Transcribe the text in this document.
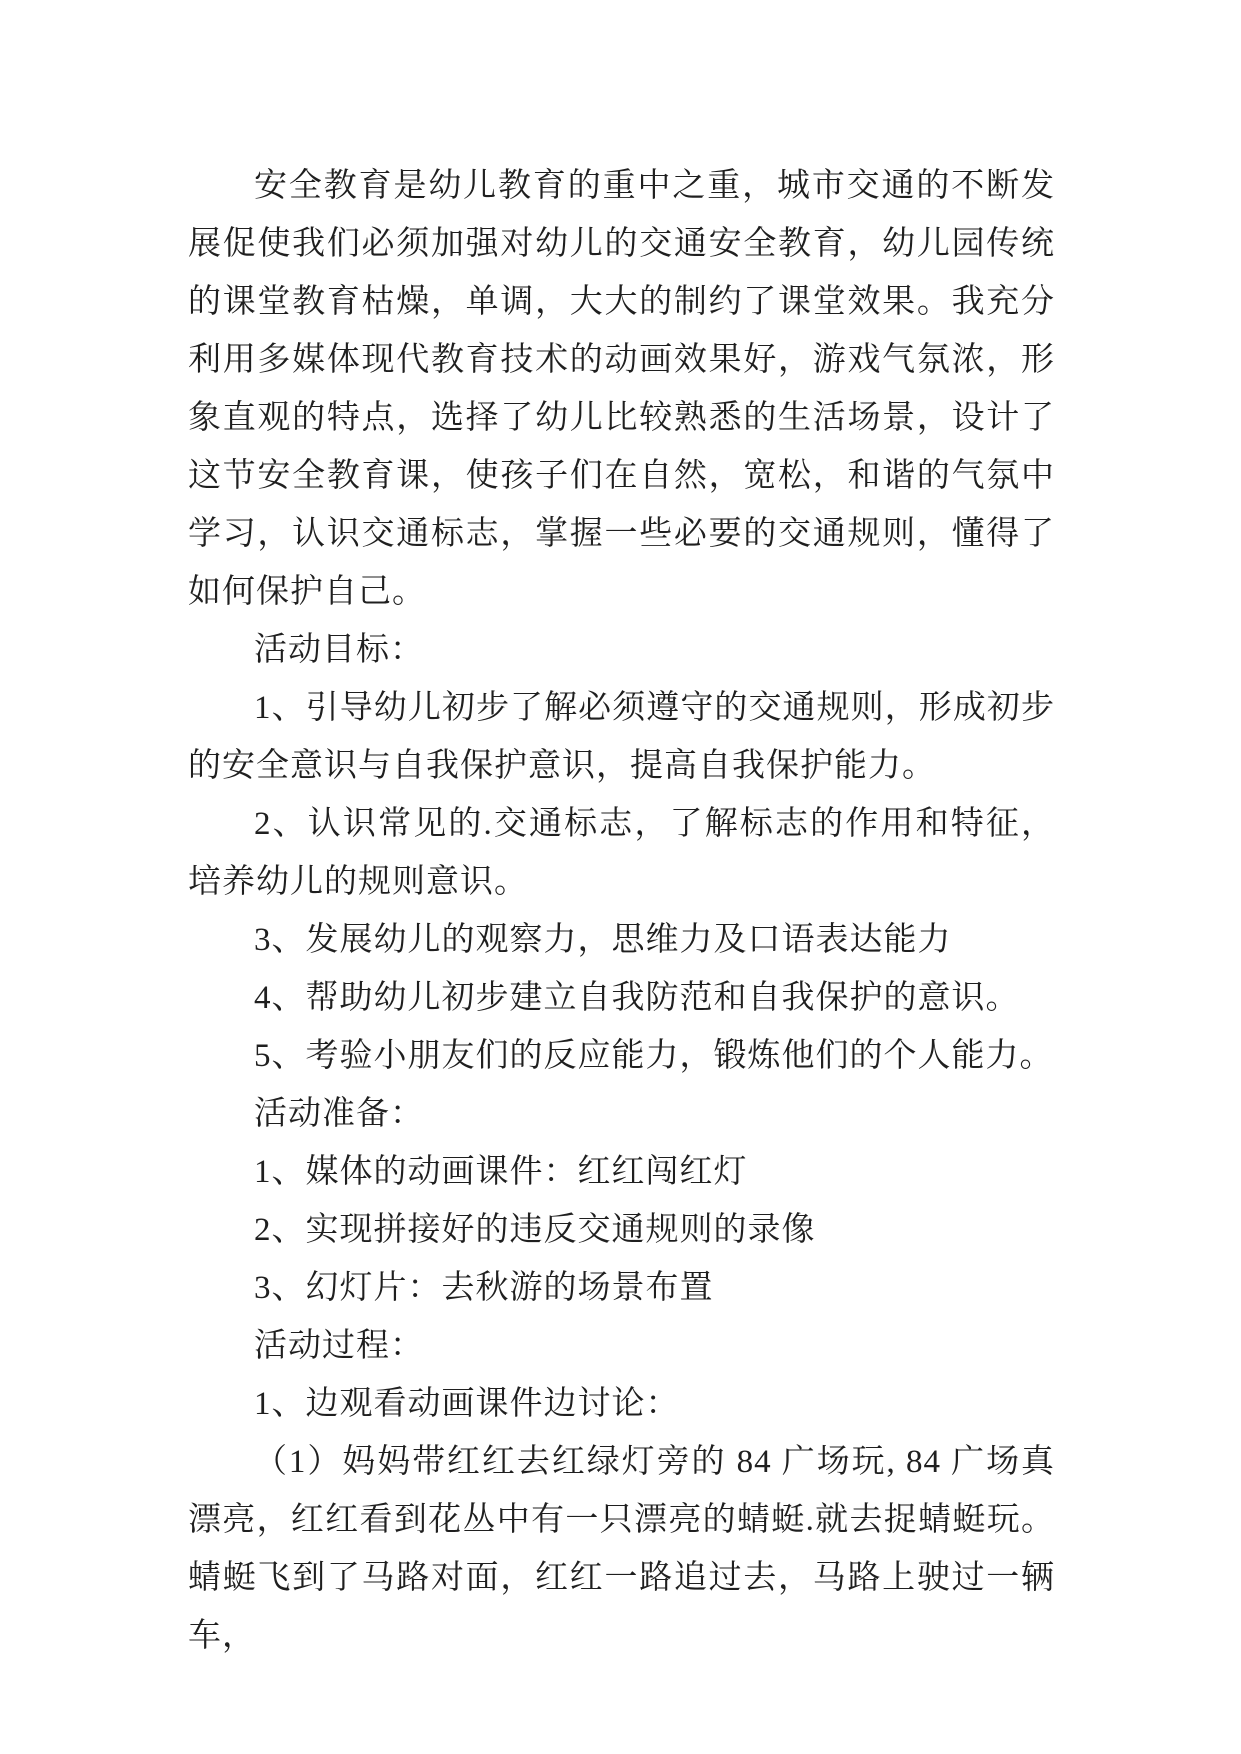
安全教育是幼儿教育的重中之重，城市交通的不断发展促使我们必须加强对幼儿的交通安全教育，幼儿园传统的课堂教育枯燥，单调，大大的制约了课堂效果。我充分利用多媒体现代教育技术的动画效果好，游戏气氛浓，形象直观的特点，选择了幼儿比较熟悉的生活场景，设计了这节安全教育课，使孩子们在自然，宽松，和谐的气氛中学习，认识交通标志，掌握一些必要的交通规则，懂得了如何保护自己。

活动目标：

1、引导幼儿初步了解必须遵守的交通规则，形成初步的安全意识与自我保护意识，提高自我保护能力。

2、认识常见的.交通标志，了解标志的作用和特征，培养幼儿的规则意识。

3、发展幼儿的观察力，思维力及口语表达能力

4、帮助幼儿初步建立自我防范和自我保护的意识。

5、考验小朋友们的反应能力，锻炼他们的个人能力。

活动准备：

1、媒体的动画课件：红红闯红灯

2、实现拼接好的违反交通规则的录像

3、幻灯片：去秋游的场景布置

活动过程：

1、边观看动画课件边讨论：

（1）妈妈带红红去红绿灯旁的 84 广场玩, 84 广场真漂亮，红红看到花丛中有一只漂亮的蜻蜓.就去捉蜻蜓玩。蜻蜓飞到了马路对面，红红一路追过去，马路上驶过一辆车，
